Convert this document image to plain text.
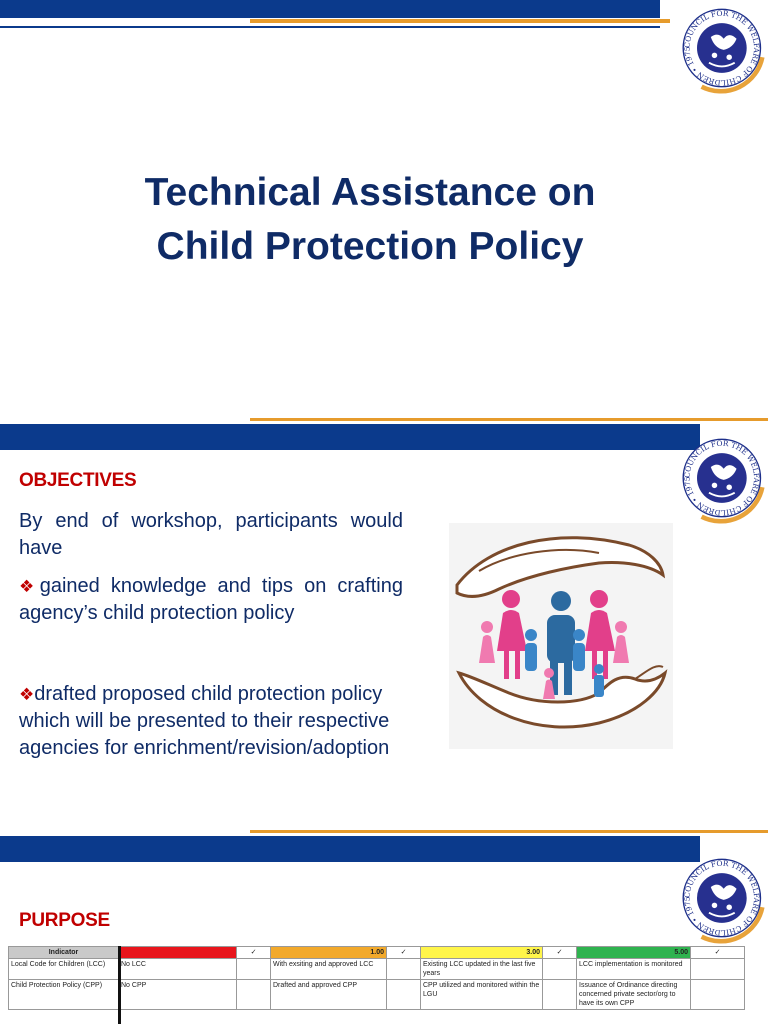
Technical Assistance on
Child Protection Policy
OBJECTIVES

By end of workshop, participants would have

❖gained knowledge and tips on crafting agency’s child protection policy

❖drafted proposed child protection policy which will be presented to their respective agencies for enrichment/revision/adoption

PURPOSE
Indicator		✓	1.00	✓	3.00	✓	5.00	✓
Local Code for Children (LCC)	No LCC		With exsiting and approved LCC		Existing LCC updated in the last five years		LCC implementation is monitored	
Child Protection Policy (CPP)	No CPP		Drafted and approved CPP		CPP utilized and monitored within the LGU		Issuance of Ordinance directing concerned private sector/org to have its own CPP	
